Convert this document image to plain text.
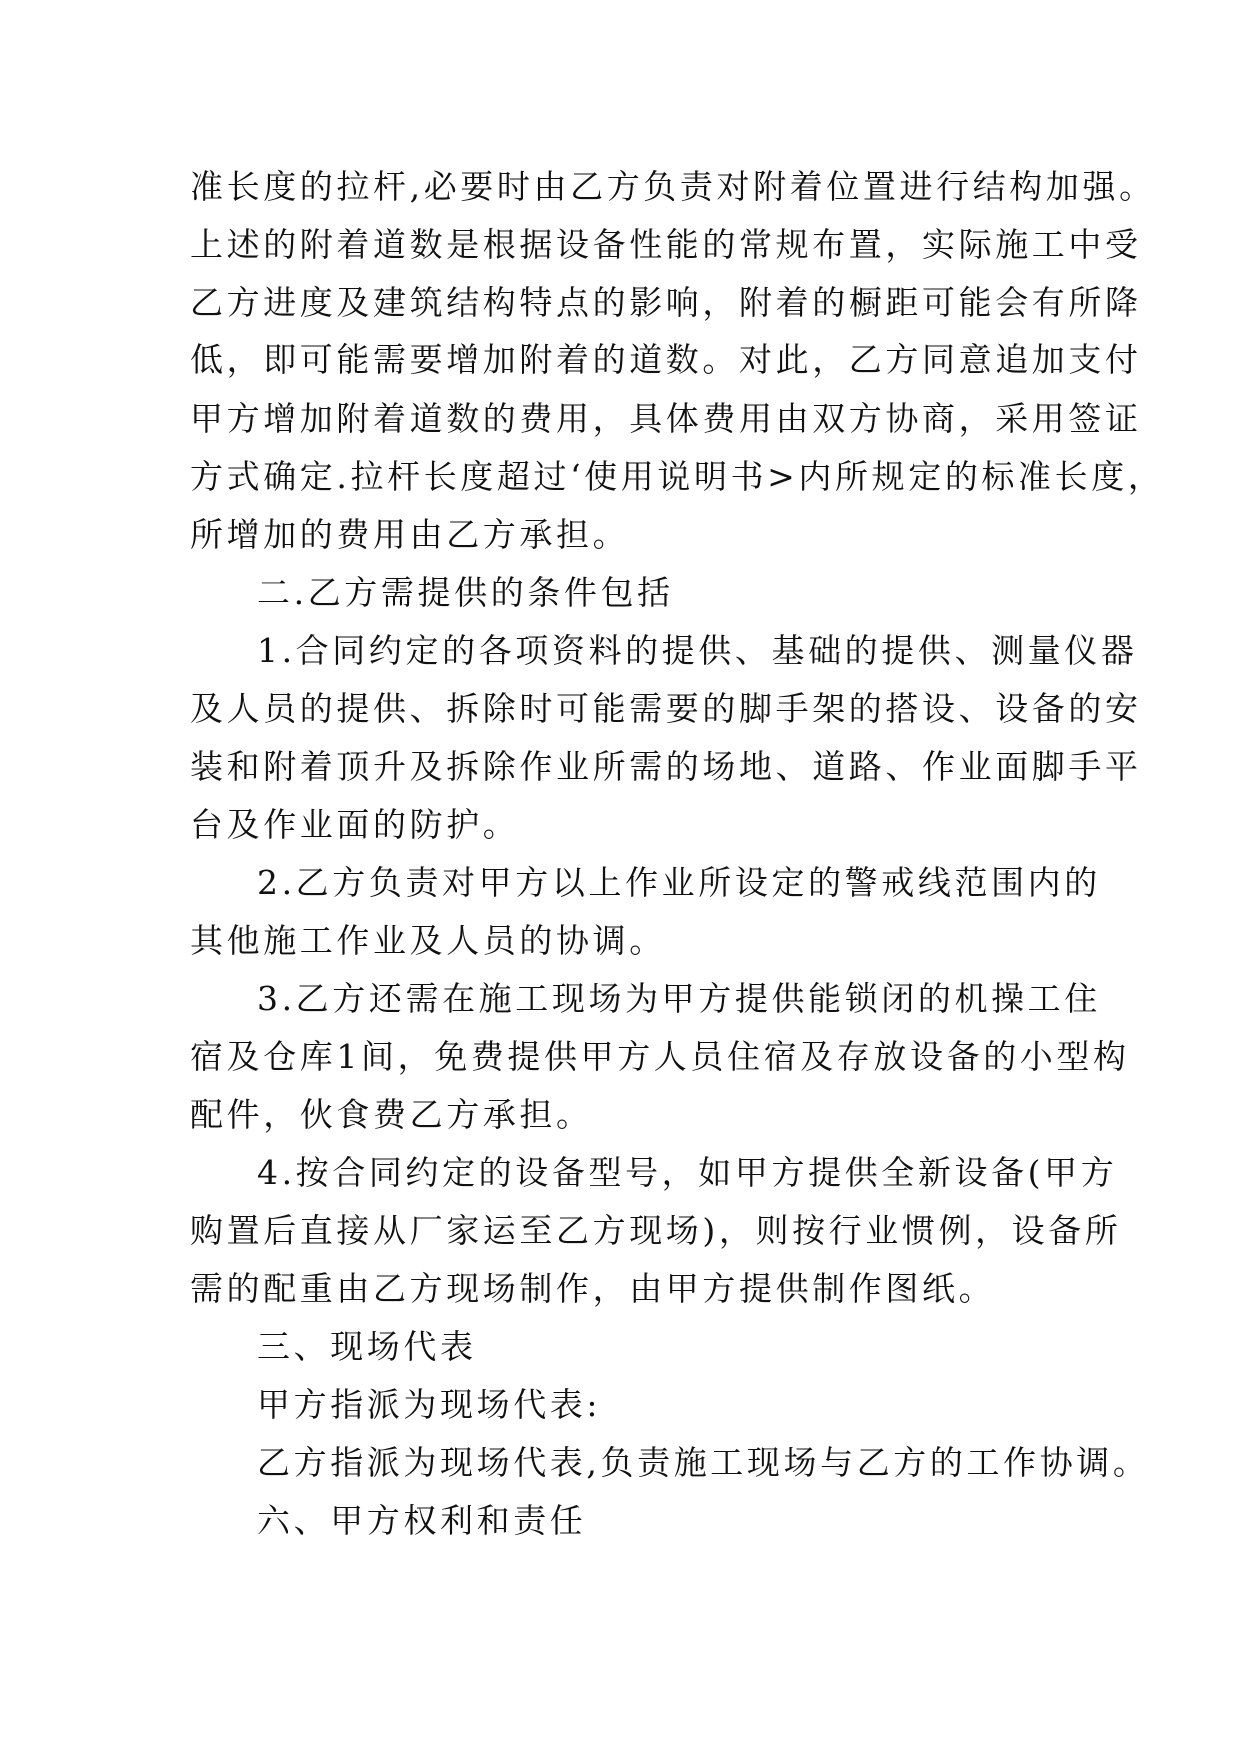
准长度的拉杆,必要时由乙方负责对附着位置进行结构加强。

上述的附着道数是根据设备性能的常规布置，实际施工中受

乙方进度及建筑结构特点的影响，附着的橱距可能会有所降

低，即可能需要增加附着的道数。对此，乙方同意追加支付

甲方增加附着道数的费用，具体费用由双方协商，采用签证

方式确定.拉杆长度超过‘使用说明书>内所规定的标准长度，

所增加的费用由乙方承担。

二.乙方需提供的条件包括

1.合同约定的各项资料的提供、基础的提供、测量仪器

及人员的提供、拆除时可能需要的脚手架的搭设、设备的安

装和附着顶升及拆除作业所需的场地、道路、作业面脚手平

台及作业面的防护。

2.乙方负责对甲方以上作业所设定的警戒线范围内的

其他施工作业及人员的协调。

3.乙方还需在施工现场为甲方提供能锁闭的机操工住

宿及仓库1间，免费提供甲方人员住宿及存放设备的小型构

配件，伙食费乙方承担。

4.按合同约定的设备型号，如甲方提供全新设备(甲方

购置后直接从厂家运至乙方现场)，则按行业惯例，设备所

需的配重由乙方现场制作，由甲方提供制作图纸。

三、现场代表

甲方指派为现场代表:

乙方指派为现场代表,负责施工现场与乙方的工作协调。

六、甲方权利和责任
